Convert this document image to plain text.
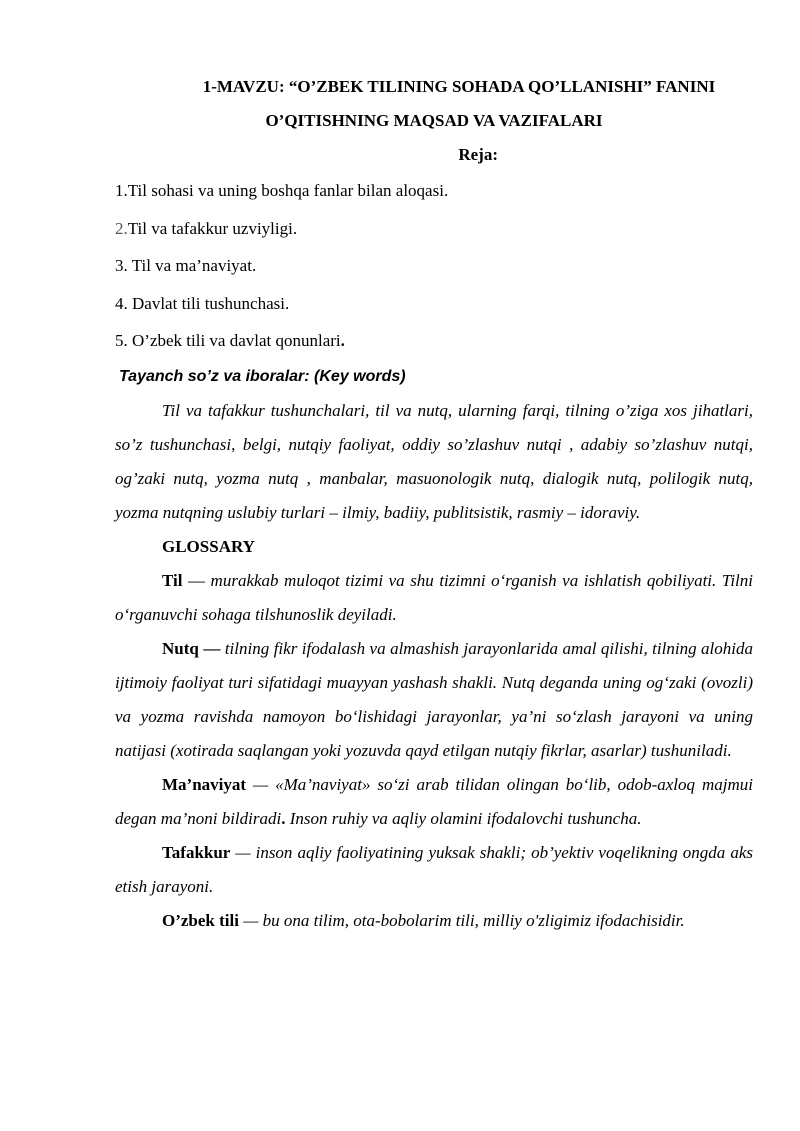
1-MAVZU: “O’ZBEK TILINING SOHADA QO’LLANISHI” FANINI

O’QITISHNING MAQSAD VA VAZIFALARI

Reja:

1.Til sohasi va uning boshqa fanlar bilan aloqasi.

2.Til va tafakkur uzviyligi.

3. Til va ma’naviyat.

4. Davlat tili tushunchasi.

5. O’zbek tili va davlat qonunlari.

Tayanch so’z va iboralar: (Key words)

Til va tafakkur tushunchalari, til va nutq, ularning farqi, tilning o’ziga xos jihatlari, so’z tushunchasi, belgi, nutqiy faoliyat, oddiy so’zlashuv nutqi , adabiy so’zlashuv nutqi, og’zaki nutq, yozma nutq , manbalar, masuonologik nutq, dialogik nutq, polilogik nutq, yozma nutqning uslubiy turlari – ilmiy, badiiy, publitsistik, rasmiy – idoraviy.

GLOSSARY

Til — murakkab muloqot tizimi va shu tizimni o‘rganish va ishlatish qobiliyati. Tilni o‘rganuvchi sohaga tilshunoslik deyiladi.

Nutq — tilning fikr ifodalash va almashish jarayonlarida amal qilishi, tilning alohida ijtimoiy faoliyat turi sifatidagi muayyan yashash shakli. Nutq deganda uning og‘zaki (ovozli) va yozma ravishda namoyon bo‘lishidagi jarayonlar, ya’ni so‘zlash jarayoni va uning natijasi (xotirada saqlangan yoki yozuvda qayd etilgan nutqiy fikrlar, asarlar) tushuniladi.

Ma’naviyat — «Ma’naviyat» so‘zi arab tilidan olingan bo‘lib, odob-axloq majmui degan ma’noni bildiradi. Inson ruhiy va aqliy olamini ifodalovchi tushuncha.

Tafakkur — inson aqliy faoliyatining yuksak shakli; ob’yektiv voqelikning ongda aks etish jarayoni.

O’zbek tili — bu ona tilim, ota-bobolarim tili, milliy o'zligimiz ifodachisidir.
